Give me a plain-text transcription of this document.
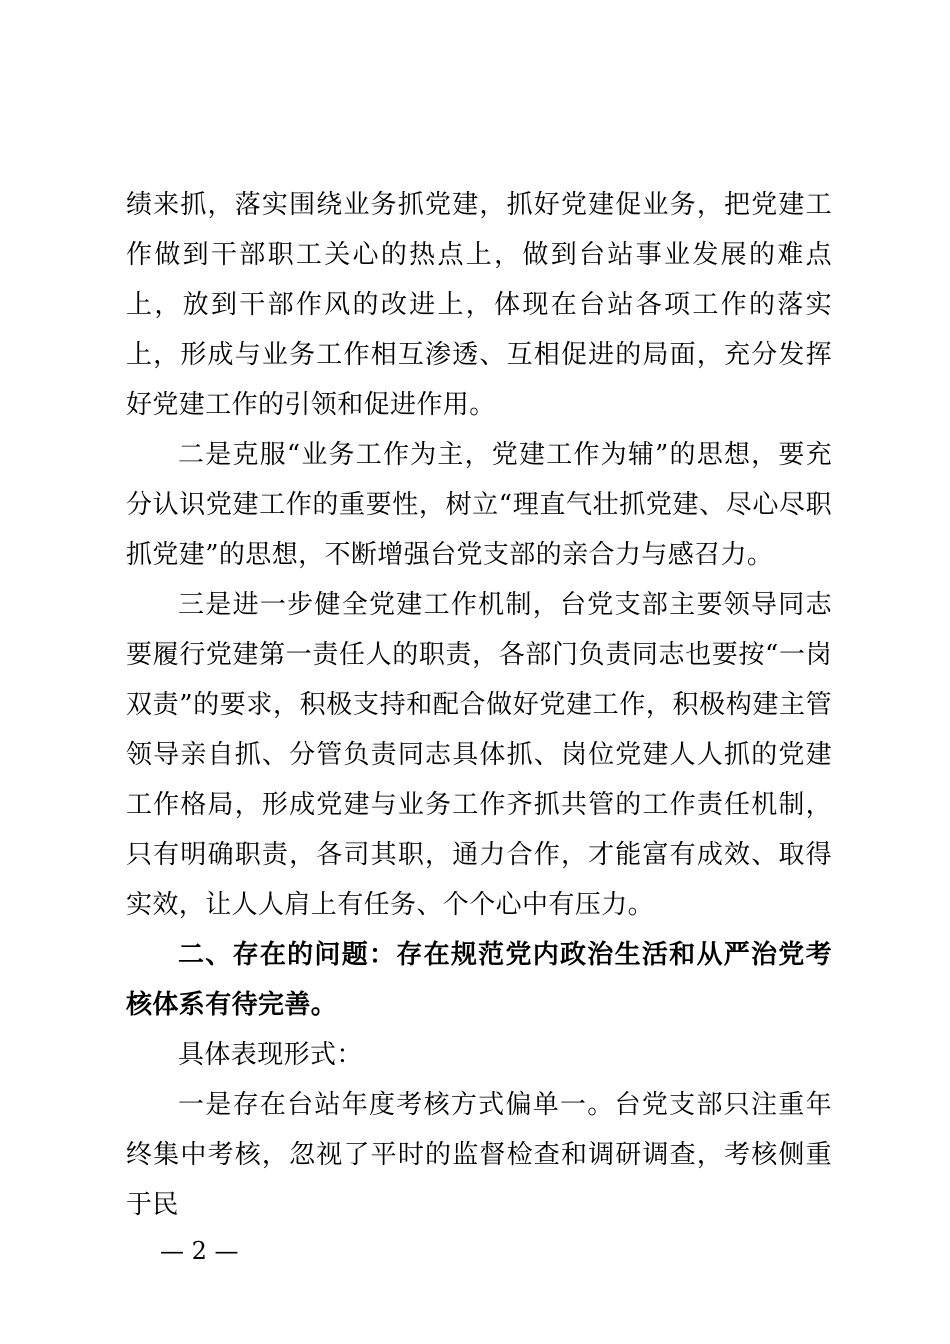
绩来抓，落实围绕业务抓党建，抓好党建促业务，把党建工作做到干部职工关心的热点上，做到台站事业发展的难点上，放到干部作风的改进上，体现在台站各项工作的落实上，形成与业务工作相互渗透、互相促进的局面，充分发挥好党建工作的引领和促进作用。

二是克服“业务工作为主，党建工作为辅”的思想，要充分认识党建工作的重要性，树立“理直气壮抓党建、尽心尽职抓党建”的思想，不断增强台党支部的亲合力与感召力。

三是进一步健全党建工作机制，台党支部主要领导同志要履行党建第一责任人的职责，各部门负责同志也要按“一岗双责”的要求，积极支持和配合做好党建工作，积极构建主管领导亲自抓、分管负责同志具体抓、岗位党建人人抓的党建工作格局，形成党建与业务工作齐抓共管的工作责任机制，只有明确职责，各司其职，通力合作，才能富有成效、取得实效，让人人肩上有任务、个个心中有压力。

二、存在的问题：存在规范党内政治生活和从严治党考核体系有待完善。

具体表现形式：

一是存在台站年度考核方式偏单一。台党支部只注重年终集中考核，忽视了平时的监督检查和调研调查，考核侧重于民

— 2 —
